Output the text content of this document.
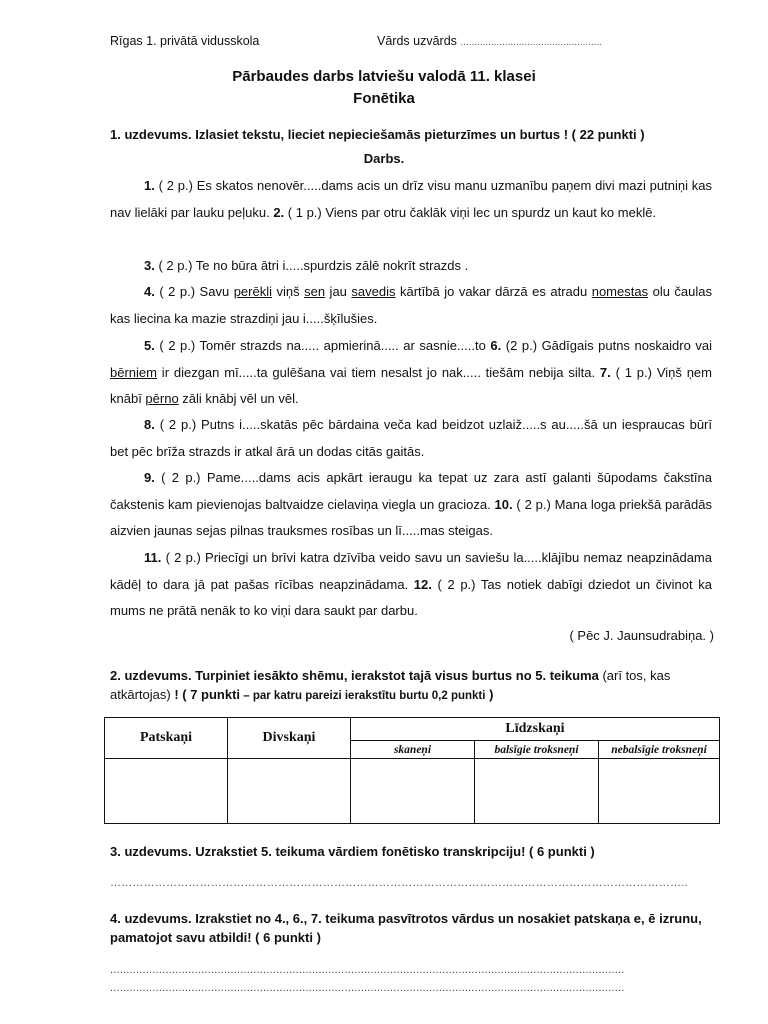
Rīgas 1. privātā vidusskola	Vārds uzvārds ...................................................
Pārbaudes darbs latviešu valodā 11. klasei
Fonētika
1. uzdevums. Izlasiet tekstu, lieciet nepieciešamās pieturzīmes un burtus ! ( 22 punkti )
Darbs.
1. ( 2 p.) Es skatos nenovēr.....dams acis un drīz visu manu uzmanību paņem divi mazi putniņi kas nav lielāki par lauku peļuku. 2. ( 1 p.) Viens par otru čaklāk viņi lec un spurdz un kaut ko meklē.
3. ( 2 p.) Te no būra ātri i.....spurdzis zālē nokrīt strazds .
4. ( 2 p.) Savu perēkli viņš sen jau savedis kārtībā jo vakar dārzā es atradu nomestas olu čaulas kas liecina ka mazie strazdiņi jau i.....šķīlušies.
5. ( 2 p.) Tomēr strazds na..... apmierinā..... ar sasnie.....to 6. (2 p.) Gādīgais putns noskaidro vai bērniem ir diezgan mī.....ta gulēšana vai tiem nesalst jo nak..... tiešām nebija silta. 7. ( 1 p.) Viņš ņem knābī pērno zāli knābj vēl un vēl.
8. ( 2 p.) Putns i.....skatās pēc bārdaina veča kad beidzot uzlaiž.....s au.....šā un iespraucas būrī bet pēc brīža strazds ir atkal ārā un dodas citās gaitās.
9. ( 2 p.) Pame.....dams acis apkārt ieraugu ka tepat uz zara astī galanti šūpodams čakstīna čakstenis kam pievienojas baltvaidze cielaviņa viegla un gracioza. 10. ( 2 p.) Mana loga priekšā parādās aizvien jaunas sejas pilnas trauksmes rosības un lī.....mas steigas.
11. ( 2 p.) Priecīgi un brīvi katra dzīvība veido savu un saviešu la.....klājību nemaz neapzinādama kādēļ to dara jā pat pašas rīcības neapzinādama. 12. ( 2 p.) Tas notiek dabīgi dziedot un čivinot ka mums ne prātā nenāk to ko viņi dara saukt par darbu.
( Pēc J. Jaunsudrabiņa. )
2. uzdevums. Turpiniet iesākto shēmu, ierakstot tajā visus burtus no 5. teikuma (arī tos, kas atkārtojas) ! ( 7 punkti – par katru pareizi ierakstītu burtu 0,2 punkti )
Patskaņi	Divskaņi	Līdzskaņi		
		skaneņi	balsīgie troksneņi	nebalsīgie troksneņi

3. uzdevums. Uzrakstiet 5. teikuma vārdiem fonētisko transkripciju! ( 6 punkti )
………………………………………………………………………………………………………………………………………..
4. uzdevums. Izrakstiet no 4., 6., 7. teikuma pasvītrotos vārdus un nosakiet patskaņa e, ē izrunu, pamatojot savu atbildi! ( 6 punkti )
..............................................................................................................................................................
..............................................................................................................................................................
